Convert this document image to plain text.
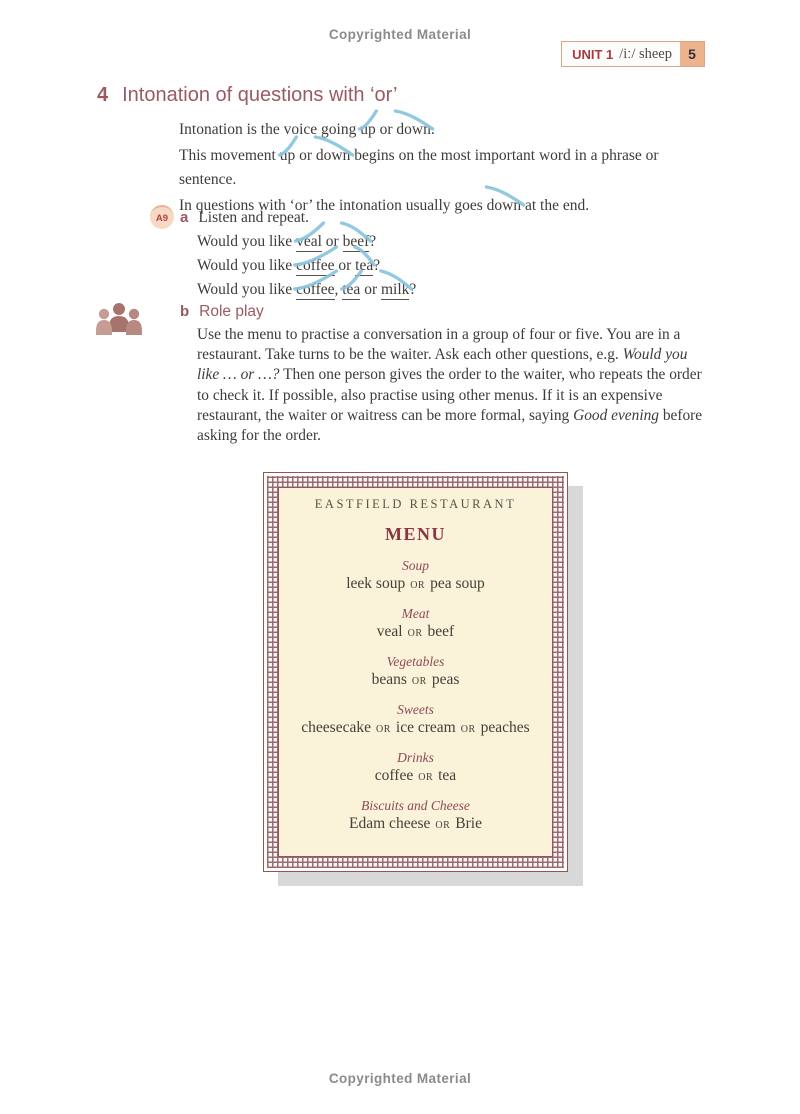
Copyrighted Material
UNIT 1 /iː/ sheep	5
4 Intonation of questions with ‘or’

Intonation is the voice going
up or
down.

This movement
up or
down begins on the most important word in a phrase or sentence.

In questions with ‘or’ the intonation usually goes
down at the end.

A9 a Listen and repeat.
Would you like
veal or
beef?
Would you like
coffee or
tea?
Would you like
coffee,
tea or
milk?
b Role play
Use the menu to practise a conversation in a group of four or five. You are in a restaurant. Take turns to be the waiter. Ask each other questions, e.g. Would you like … or …? Then one person gives the order to the waiter, who repeats the order to check it. If possible, also practise using other menus. If it is an expensive restaurant, the waiter or waitress can be more formal, saying Good evening before asking for the order.
EASTFIELD RESTAURANT
MENU
Soup
leek soup OR pea soup
Meat
veal OR beef
Vegetables
beans OR peas
Sweets
cheesecake OR ice cream OR peaches
Drinks
coffee OR tea
Biscuits and Cheese
Edam cheese OR Brie
Copyrighted Material
